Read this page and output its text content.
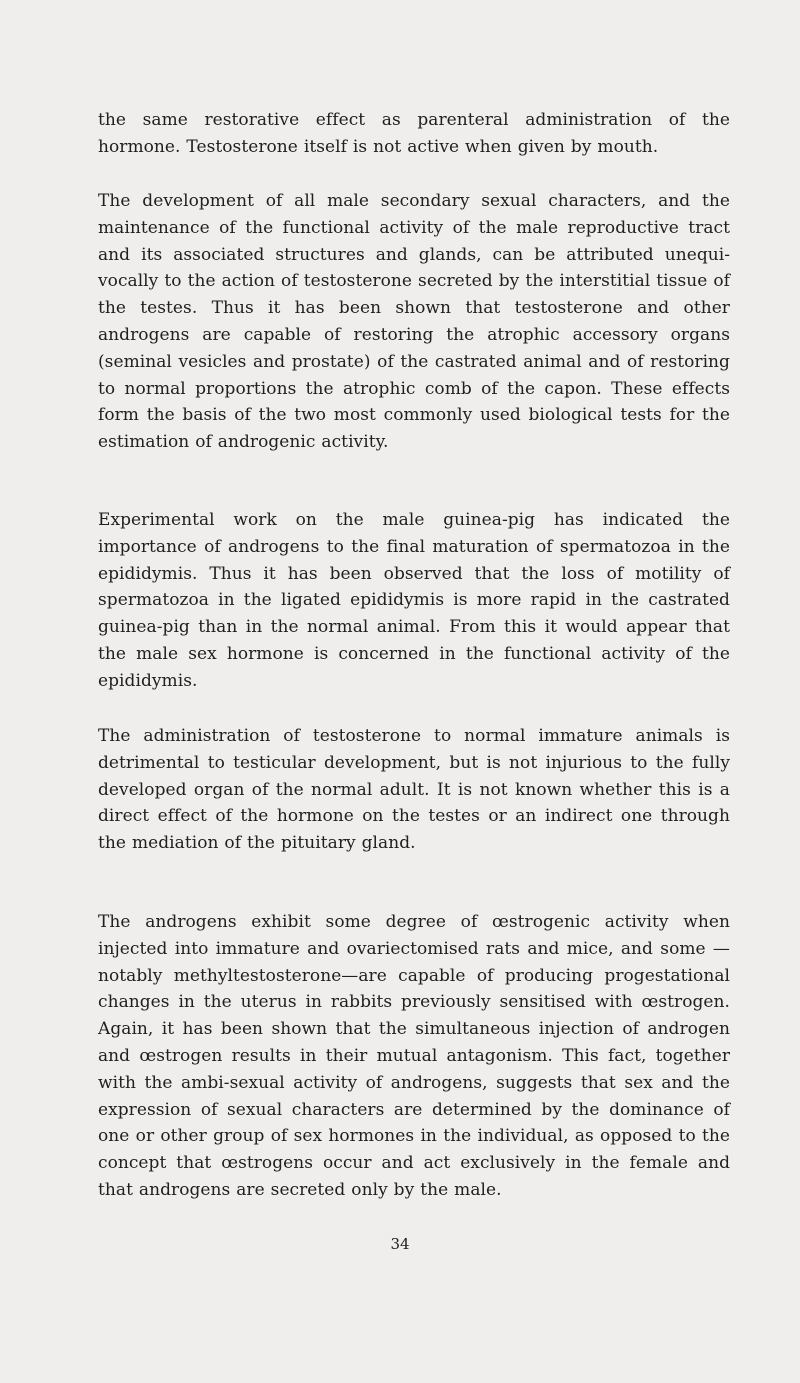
the same restorative effect as parenteral administration of the hormone. Testosterone itself is not active when given by mouth.

The development of all male secondary sexual characters, and the maintenance of the functional activity of the male reproductive tract and its associated structures and glands, can be attributed unequivocally to the action of testosterone secreted by the interstitial tissue of the testes. Thus it has been shown that testosterone and other androgens are capable of restoring the atrophic accessory organs (seminal vesicles and prostate) of the castrated animal and of restoring to normal proportions the atrophic comb of the capon. These effects form the basis of the two most commonly used biological tests for the estimation of androgenic activity.

Experimental work on the male guinea-pig has indicated the importance of androgens to the final maturation of spermatozoa in the epididymis. Thus it has been observed that the loss of motility of spermatozoa in the ligated epididymis is more rapid in the castrated guinea-pig than in the normal animal. From this it would appear that the male sex hormone is concerned in the functional activity of the epididymis.

The administration of testosterone to normal immature animals is detrimental to testicular development, but is not injurious to the fully developed organ of the normal adult. It is not known whether this is a direct effect of the hormone on the testes or an indirect one through the mediation of the pituitary gland.

The androgens exhibit some degree of œstrogenic activity when injected into immature and ovariectomised rats and mice, and some —notably methyltestosterone—are capable of producing progestational changes in the uterus in rabbits previously sensitised with œstrogen. Again, it has been shown that the simultaneous injection of androgen and œstrogen results in their mutual antagonism. This fact, together with the ambi-sexual activity of androgens, suggests that sex and the expression of sexual characters are determined by the dominance of one or other group of sex hormones in the individual, as opposed to the concept that œstrogens occur and act exclusively in the female and that androgens are secreted only by the male.

34
